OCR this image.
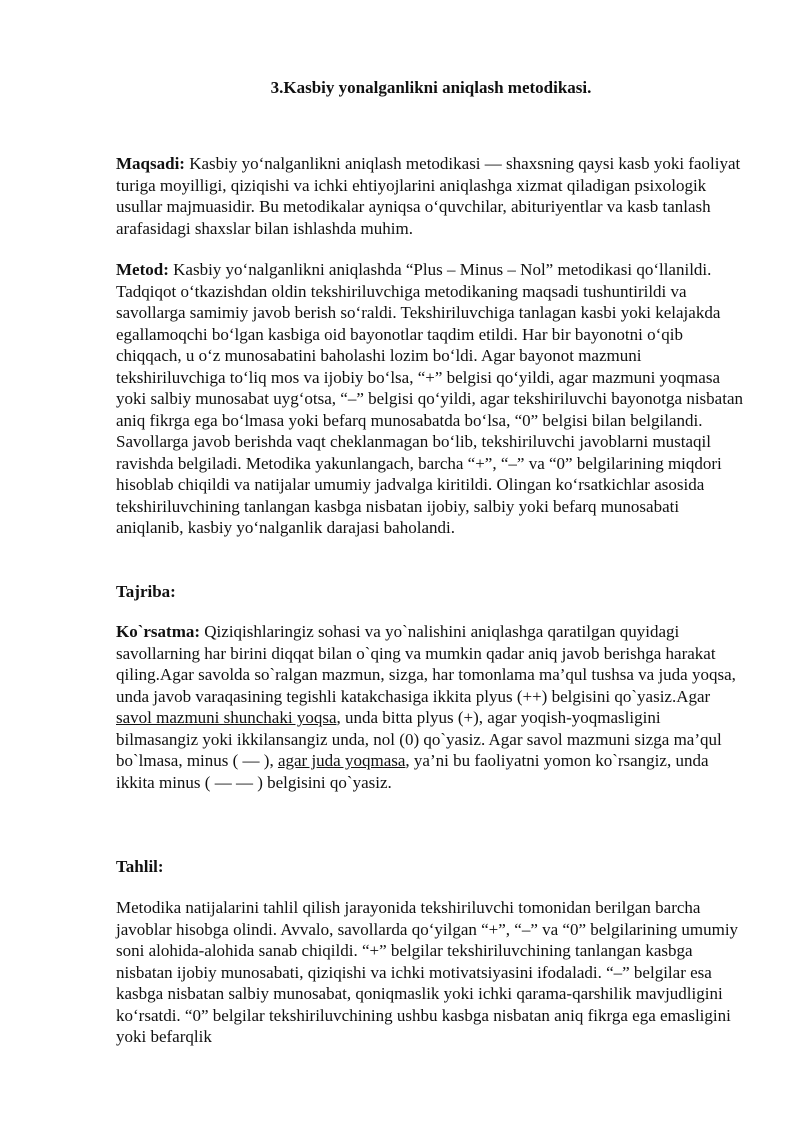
3.Kasbiy yonalganlikni aniqlash metodikasi.

Maqsadi: Kasbiy yoʻnalganlikni aniqlash metodikasi — shaxsning qaysi kasb yoki faoliyat turiga moyilligi, qiziqishi va ichki ehtiyojlarini aniqlashga xizmat qiladigan psixologik usullar majmuasidir. Bu metodikalar ayniqsa oʻquvchilar, abituriyentlar va kasb tanlash arafasidagi shaxslar bilan ishlashda muhim.

Metod: Kasbiy yoʻnalganlikni aniqlashda “Plus – Minus – Nol” metodikasi qoʻllanildi. Tadqiqot oʻtkazishdan oldin tekshiriluvchiga metodikaning maqsadi tushuntirildi va savollarga samimiy javob berish soʻraldi. Tekshiriluvchiga tanlagan kasbi yoki kelajakda egallamoqchi boʻlgan kasbiga oid bayonotlar taqdim etildi. Har bir bayonotni oʻqib chiqqach, u oʻz munosabatini baholashi lozim boʻldi. Agar bayonot mazmuni tekshiriluvchiga toʻliq mos va ijobiy boʻlsa, “+” belgisi qoʻyildi, agar mazmuni yoqmasa yoki salbiy munosabat uygʻotsa, “–” belgisi qoʻyildi, agar tekshiriluvchi bayonotga nisbatan aniq fikrga ega boʻlmasa yoki befarq munosabatda boʻlsa, “0” belgisi bilan belgilandi. Savollarga javob berishda vaqt cheklanmagan boʻlib, tekshiriluvchi javoblarni mustaqil ravishda belgiladi. Metodika yakunlangach, barcha “+”, “–” va “0” belgilarining miqdori hisoblab chiqildi va natijalar umumiy jadvalga kiritildi. Olingan koʻrsatkichlar asosida tekshiriluvchining tanlangan kasbga nisbatan ijobiy, salbiy yoki befarq munosabati aniqlanib, kasbiy yoʻnalganlik darajasi baholandi.

Tajriba:

Ko`rsatma: Qiziqishlaringiz sohasi va yo`nalishini aniqlashga qaratilgan quyidagi savollarning har birini diqqat bilan o`qing va mumkin qadar aniq javob berishga harakat qiling.Agar savolda so`ralgan mazmun, sizga, har tomonlama ma’qul tushsa va juda yoqsa, unda javob varaqasining tegishli katakchasiga ikkita plyus (++) belgisini qo`yasiz.Agar savol mazmuni shunchaki yoqsa, unda bitta plyus (+), agar yoqish-yoqmasligini bilmasangiz yoki ikkilansangiz unda, nol (0) qo`yasiz. Agar savol mazmuni sizga ma’qul bo`lmasa, minus ( — ), agar juda yoqmasa, ya’ni bu faoliyatni yomon ko`rsangiz, unda ikkita minus ( — — ) belgisini qo`yasiz.

Tahlil:

Metodika natijalarini tahlil qilish jarayonida tekshiriluvchi tomonidan berilgan barcha javoblar hisobga olindi. Avvalo, savollarda qoʻyilgan “+”, “–” va “0” belgilarining umumiy soni alohida-alohida sanab chiqildi. “+” belgilar tekshiriluvchining tanlangan kasbga nisbatan ijobiy munosabati, qiziqishi va ichki motivatsiyasini ifodaladi. “–” belgilar esa kasbga nisbatan salbiy munosabat, qoniqmaslik yoki ichki qarama-qarshilik mavjudligini koʻrsatdi. “0” belgilar tekshiriluvchining ushbu kasbga nisbatan aniq fikrga ega emasligini yoki befarqlik
